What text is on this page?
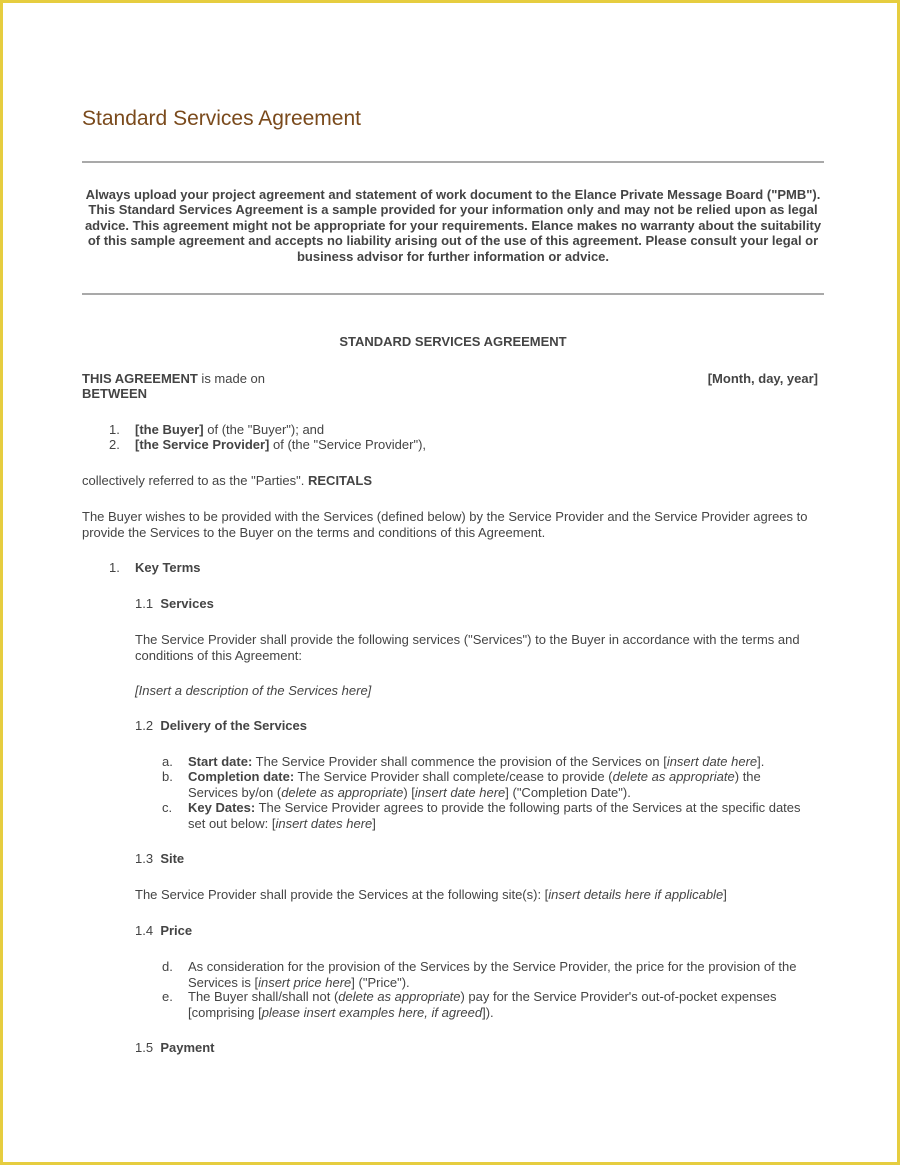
Standard Services Agreement

Always upload your project agreement and statement of work document to the Elance Private Message Board ("PMB").

This Standard Services Agreement is a sample provided for your information only and may not be relied upon as legal advice. This agreement might not be appropriate for your requirements. Elance makes no warranty about the suitability of this sample agreement and accepts no liability arising out of the use of this agreement. Please consult your legal or business advisor for further information or advice.

STANDARD SERVICES AGREEMENT
THIS AGREEMENT is made on	[Month, day, year]
BETWEEN
1. [the Buyer] of (the "Buyer"); and
2. [the Service Provider] of (the "Service Provider"),
collectively referred to as the "Parties". RECITALS
The Buyer wishes to be provided with the Services (defined below) by the Service Provider and the Service Provider agrees to provide the Services to the Buyer on the terms and conditions of this Agreement.
1. Key Terms
1.1 Services
The Service Provider shall provide the following services ("Services") to the Buyer in accordance with the terms and conditions of this Agreement:
[Insert a description of the Services here]
1.2 Delivery of the Services
a. Start date: The Service Provider shall commence the provision of the Services on [insert date here].
b. Completion date: The Service Provider shall complete/cease to provide (delete as appropriate) the
Services by/on (delete as appropriate) [insert date here] ("Completion Date").
c. Key Dates: The Service Provider agrees to provide the following parts of the Services at the specific dates
set out below: [insert dates here]
1.3 Site
The Service Provider shall provide the Services at the following site(s): [insert details here if applicable]
1.4 Price
d. As consideration for the provision of the Services by the Service Provider, the price for the provision of the
Services is [insert price here] ("Price").
e. The Buyer shall/shall not (delete as appropriate) pay for the Service Provider's out-of-pocket expenses
[comprising [please insert examples here, if agreed]).
1.5 Payment
